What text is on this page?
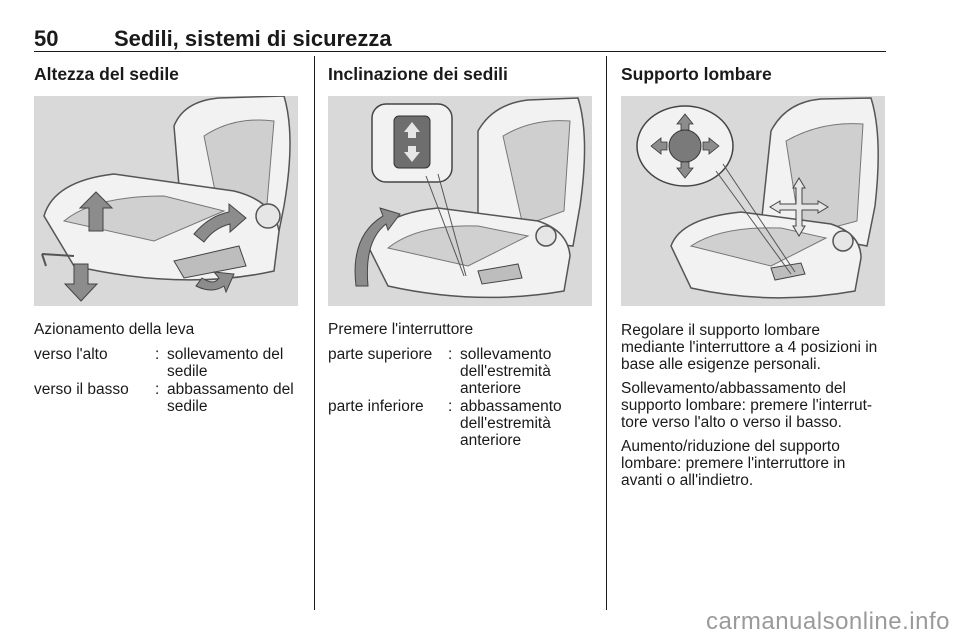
50	Sedili, sistemi di sicurezza
Altezza del sedile
Azionamento della leva
verso l'alto	: sollevamento del
sedile
verso il basso : abbassamento del
sedile
Inclinazione dei sedili
Premere l'interruttore
parte superiore : sollevamento
dell'estremità
anteriore
parte inferiore : abbassamento
dell'estremità
anteriore
Supporto lombare
Regolare il supporto lombare
mediante l'interruttore a 4 posizioni in
base alle esigenze personali.
Sollevamento/abbassamento del
supporto lombare: premere l'interrut-
tore verso l'alto o verso il basso.
Aumento/riduzione del supporto
lombare: premere l'interruttore in
avanti o all'indietro.
carmanualsonline.info
